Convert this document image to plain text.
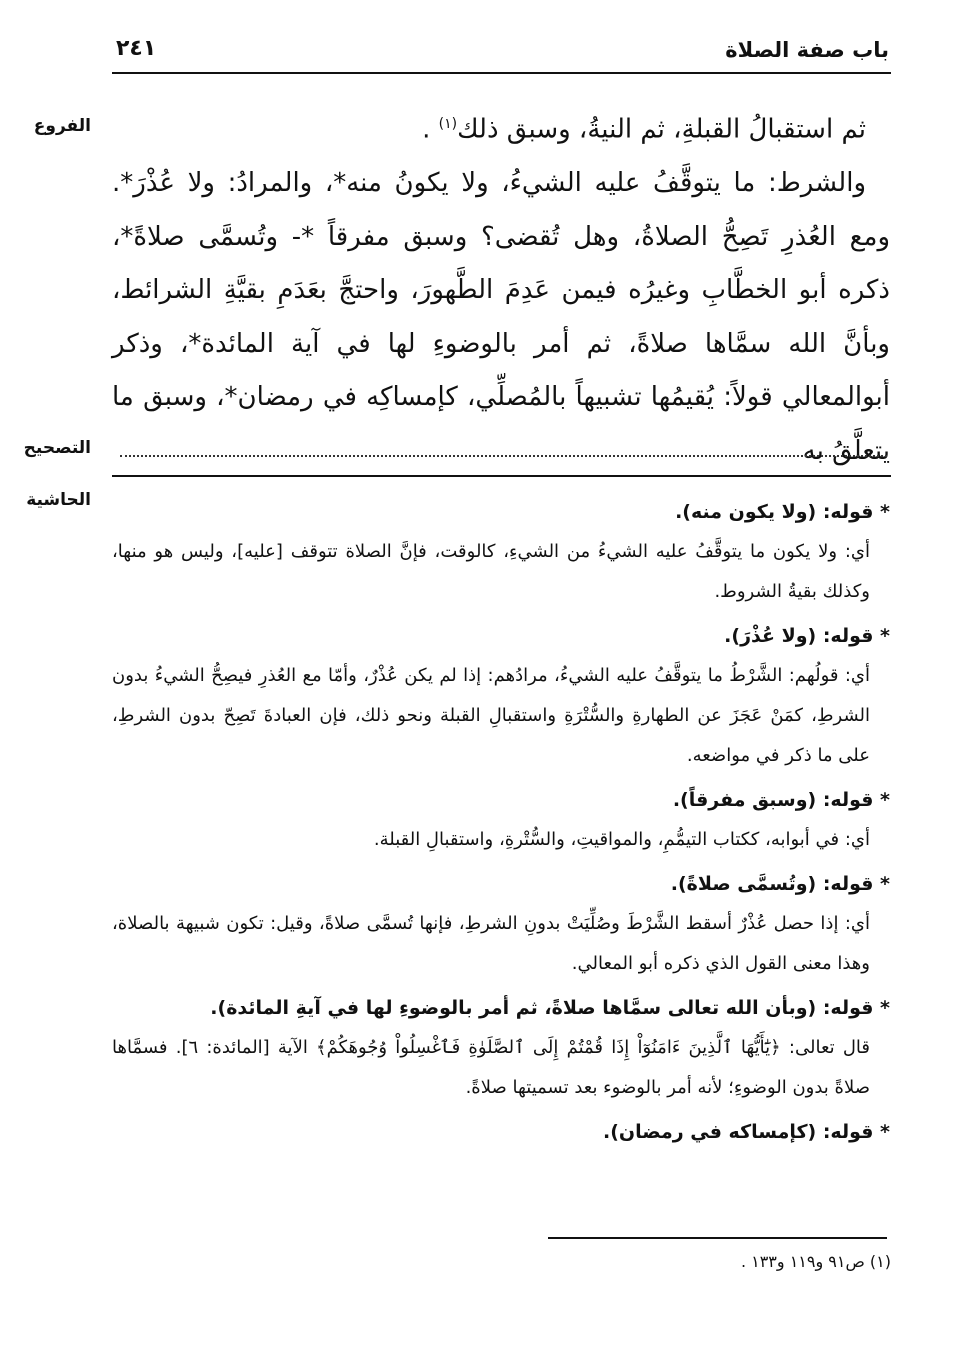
باب صفة الصلاة
٢٤١
الفروع
التصحيح
الحاشية

ثم استقبالُ القبلةِ، ثم النيةُ، وسبق ذلك$^{(١)}$ .

والشرط: ما يتوقَّفُ عليه الشيءُ، ولا يكونُ منه*، والمرادُ: ولا عُذْرَ*. ومع العُذرِ تَصِحُّ الصلاةُ، وهل تُقضى؟ وسبق مفرقاً *- وتُسمَّى صلاةً*، ذكره أبو الخطَّابِ وغيرُه فيمن عَدِمَ الطَّهورَ، واحتجَّ بعَدَمِ بقيَّةِ الشرائط، وبأنَّ الله سمَّاها صلاةً، ثم أمر بالوضوءِ لها في آية المائدة*، وذكر أبوالمعالي قولاً: يُقيمُها تشبيهاً بالمُصلِّي، كإمساكِه في رمضان*، وسبق ما يتعلَّقُ به

* قوله: (ولا يكون منه).

أي: ولا يكون ما يتوقَّفُ عليه الشيءُ من الشيءِ، كالوقت، فإنَّ الصلاة تتوقف [عليه]، وليس هو منها، وكذلك بقيةُ الشروط.

* قوله: (ولا عُذْرَ).

أي: قولُهم: الشَّرْطُ ما يتوقَّفُ عليه الشيءُ، مرادُهم: إذا لم يكن عُذْرٌ، وأمّا مع العُذرِ فيصِحُّ الشيءُ بدون الشرطِ، كمَنْ عَجَزَ عن الطهارةِ والسُّتْرَةِ واستقبالِ القبلة ونحو ذلك، فإن العبادةَ تَصِحّ بدون الشرطِ، على ما ذكر في مواضعه.

* قوله: (وسبق مفرقاً).

أي: في أبوابه، ككتاب التيمُّمِ، والمواقيتِ، والسُّتْرةِ، واستقبالِ القبلة.

* قوله: (وتُسمَّى صلاةً).

أي: إذا حصل عُذْرٌ أسقط الشَّرْطَ وصُلِّيَتْ بدونِ الشرطِ، فإنها تُسمَّى صلاةً، وقيل: تكون شبيهة بالصلاة، وهذا معنى القول الذي ذكره أبو المعالي.

* قوله: (وبأن الله تعالى سمَّاها صلاةً، ثم أمر بالوضوءِ لها في آيةِ المائدة).

قال تعالى: ﴿يَٰٓأَيُّهَا ٱلَّذِينَ ءَامَنُوٓاْ إِذَا قُمْتُمْ إِلَى ٱلصَّلَوٰةِ فَٱغْسِلُواْ وُجُوهَكُمْ﴾ الآية [المائدة: ٦]. فسمَّاها صلاةً بدون الوضوءِ؛ لأنه أمر بالوضوء بعد تسميتها صلاةً.

* قوله: (كإمساكه في رمضان).

(١) ص٩١ و١١٩ و١٣٣ .
